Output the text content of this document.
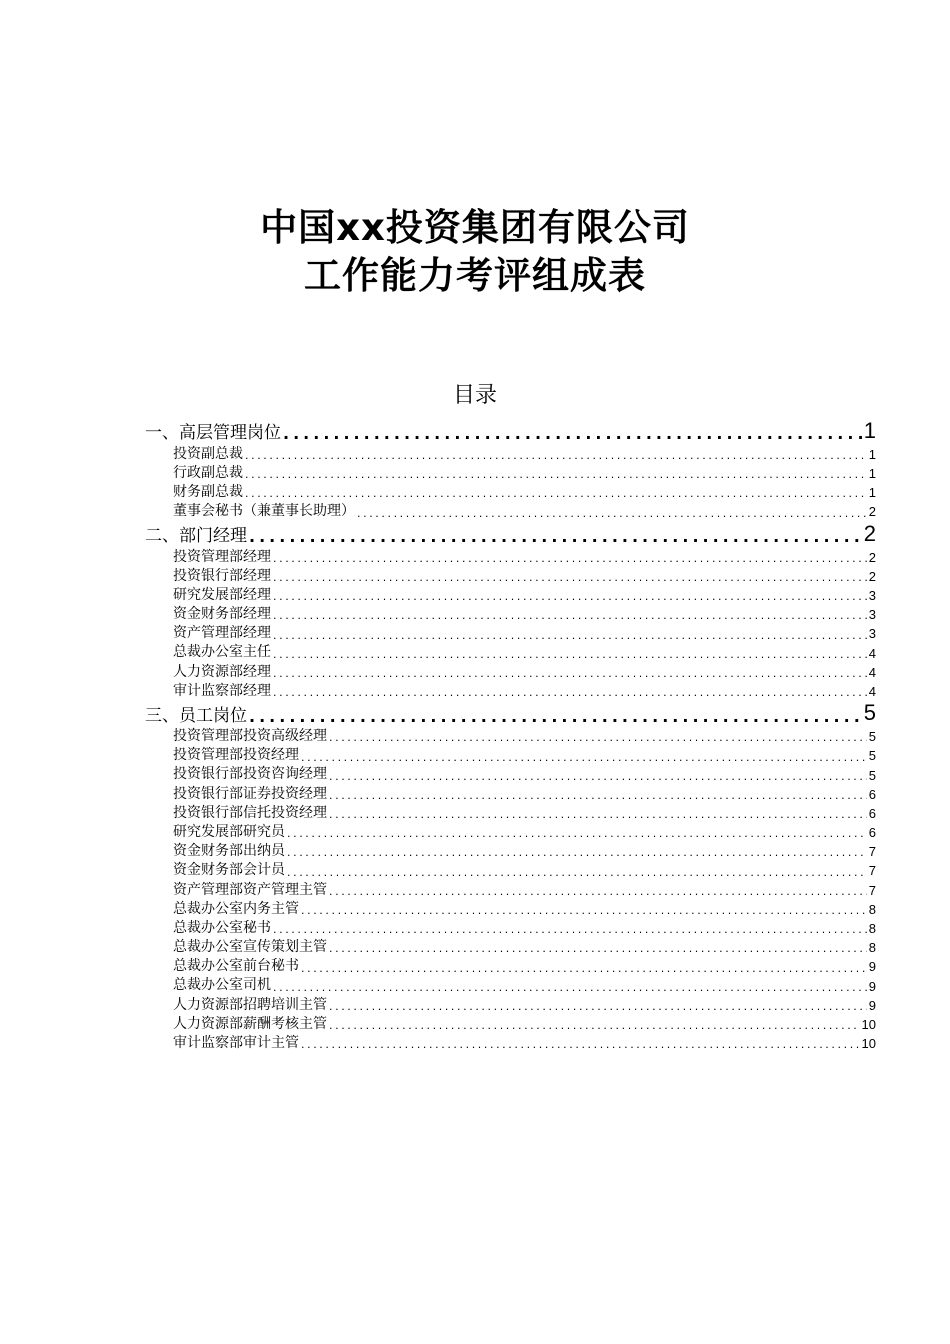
中国xx投资集团有限公司
工作能力考评组成表
目录
一、高层管理岗位 .....	1
投资副总裁 .....	1
行政副总裁 .....	1
财务副总裁 .....	1
董事会秘书（兼董事长助理） .....	2
二、部门经理 .....	2
投资管理部经理 .....	2
投资银行部经理 .....	2
研究发展部经理 .....	3
资金财务部经理 .....	3
资产管理部经理 .....	3
总裁办公室主任 .....	4
人力资源部经理 .....	4
审计监察部经理 .....	4
三、员工岗位 .....	5
投资管理部投资高级经理 .....	5
投资管理部投资经理 .....	5
投资银行部投资咨询经理 .....	5
投资银行部证券投资经理 .....	6
投资银行部信托投资经理 .....	6
研究发展部研究员 .....	6
资金财务部出纳员 .....	7
资金财务部会计员 .....	7
资产管理部资产管理主管 .....	7
总裁办公室内务主管 .....	8
总裁办公室秘书 .....	8
总裁办公室宣传策划主管 .....	8
总裁办公室前台秘书 .....	9
总裁办公室司机 .....	9
人力资源部招聘培训主管 .....	9
人力资源部薪酬考核主管 .....	10
审计监察部审计主管 .....	10
